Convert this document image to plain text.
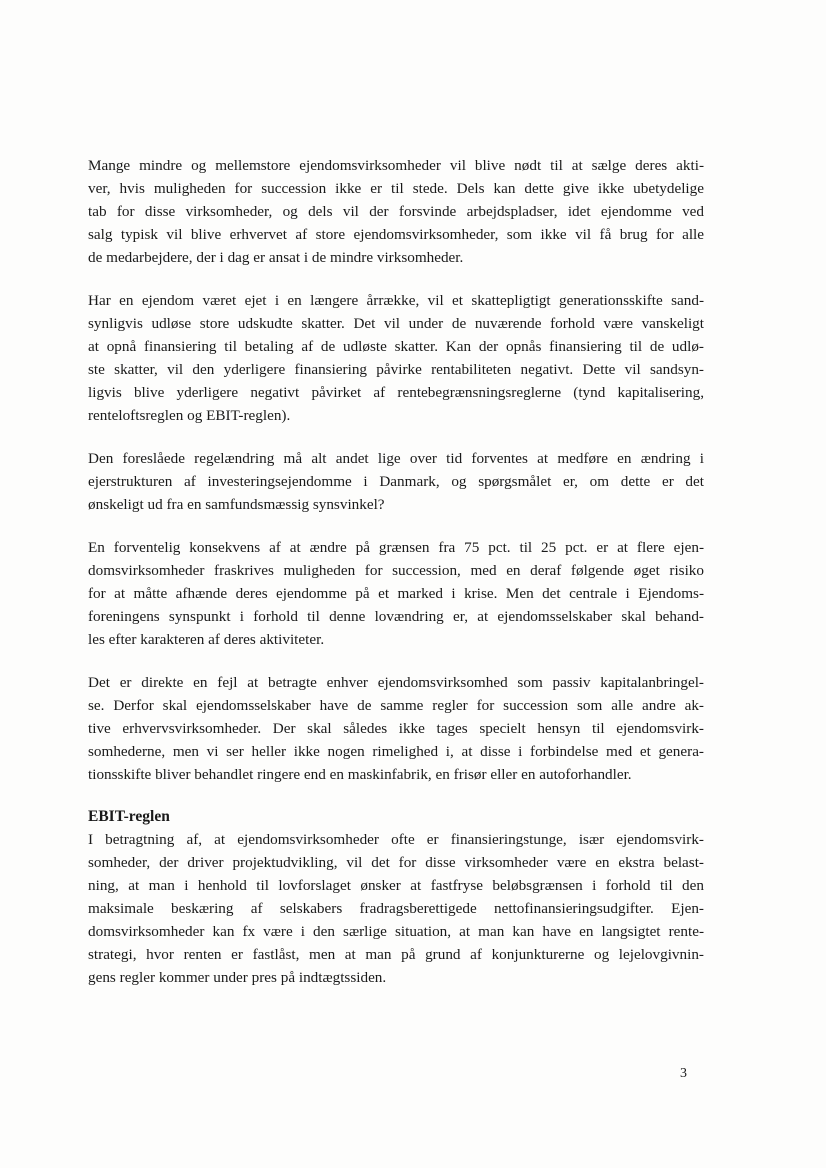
Mange mindre og mellemstore ejendomsvirksomheder vil blive nødt til at sælge deres akti-
ver, hvis muligheden for succession ikke er til stede. Dels kan dette give ikke ubetydelige
tab for disse virksomheder, og dels vil der forsvinde arbejdspladser, idet ejendomme ved
salg typisk vil blive erhvervet af store ejendomsvirksomheder, som ikke vil få brug for alle
de medarbejdere, der i dag er ansat i de mindre virksomheder.

Har en ejendom været ejet i en længere årrække, vil et skattepligtigt generationsskifte sand-
synligvis udløse store udskudte skatter. Det vil under de nuværende forhold være vanskeligt
at opnå finansiering til betaling af de udløste skatter. Kan der opnås finansiering til de udlø-
ste skatter, vil den yderligere finansiering påvirke rentabiliteten negativt. Dette vil sandsyn-
ligvis blive yderligere negativt påvirket af rentebegrænsningsreglerne (tynd kapitalisering,
renteloftsreglen og EBIT-reglen).

Den foreslåede regelændring må alt andet lige over tid forventes at medføre en ændring i
ejerstrukturen af investeringsejendomme i Danmark, og spørgsmålet er, om dette er det
ønskeligt ud fra en samfundsmæssig synsvinkel?

En forventelig konsekvens af at ændre på grænsen fra 75 pct. til 25 pct. er at flere ejen-
domsvirksomheder fraskrives muligheden for succession, med en deraf følgende øget risiko
for at måtte afhænde deres ejendomme på et marked i krise. Men det centrale i Ejendoms-
foreningens synspunkt i forhold til denne lovændring er, at ejendomsselskaber skal behand-
les efter karakteren af deres aktiviteter.

Det er direkte en fejl at betragte enhver ejendomsvirksomhed som passiv kapitalanbringel-
se. Derfor skal ejendomsselskaber have de samme regler for succession som alle andre ak-
tive erhvervsvirksomheder. Der skal således ikke tages specielt hensyn til ejendomsvirk-
somhederne, men vi ser heller ikke nogen rimelighed i, at disse i forbindelse med et genera-
tionsskifte bliver behandlet ringere end en maskinfabrik, en frisør eller en autoforhandler.

EBIT-reglen

I betragtning af, at ejendomsvirksomheder ofte er finansieringstunge, især ejendomsvirk-
somheder, der driver projektudvikling, vil det for disse virksomheder være en ekstra belast-
ning, at man i henhold til lovforslaget ønsker at fastfryse beløbsgrænsen i forhold til den
maksimale beskæring af selskabers fradragsberettigede nettofinansieringsudgifter. Ejen-
domsvirksomheder kan fx være i den særlige situation, at man kan have en langsigtet rente-
strategi, hvor renten er fastlåst, men at man på grund af konjunkturerne og lejelovgivnin-
gens regler kommer under pres på indtægtssiden.

3
